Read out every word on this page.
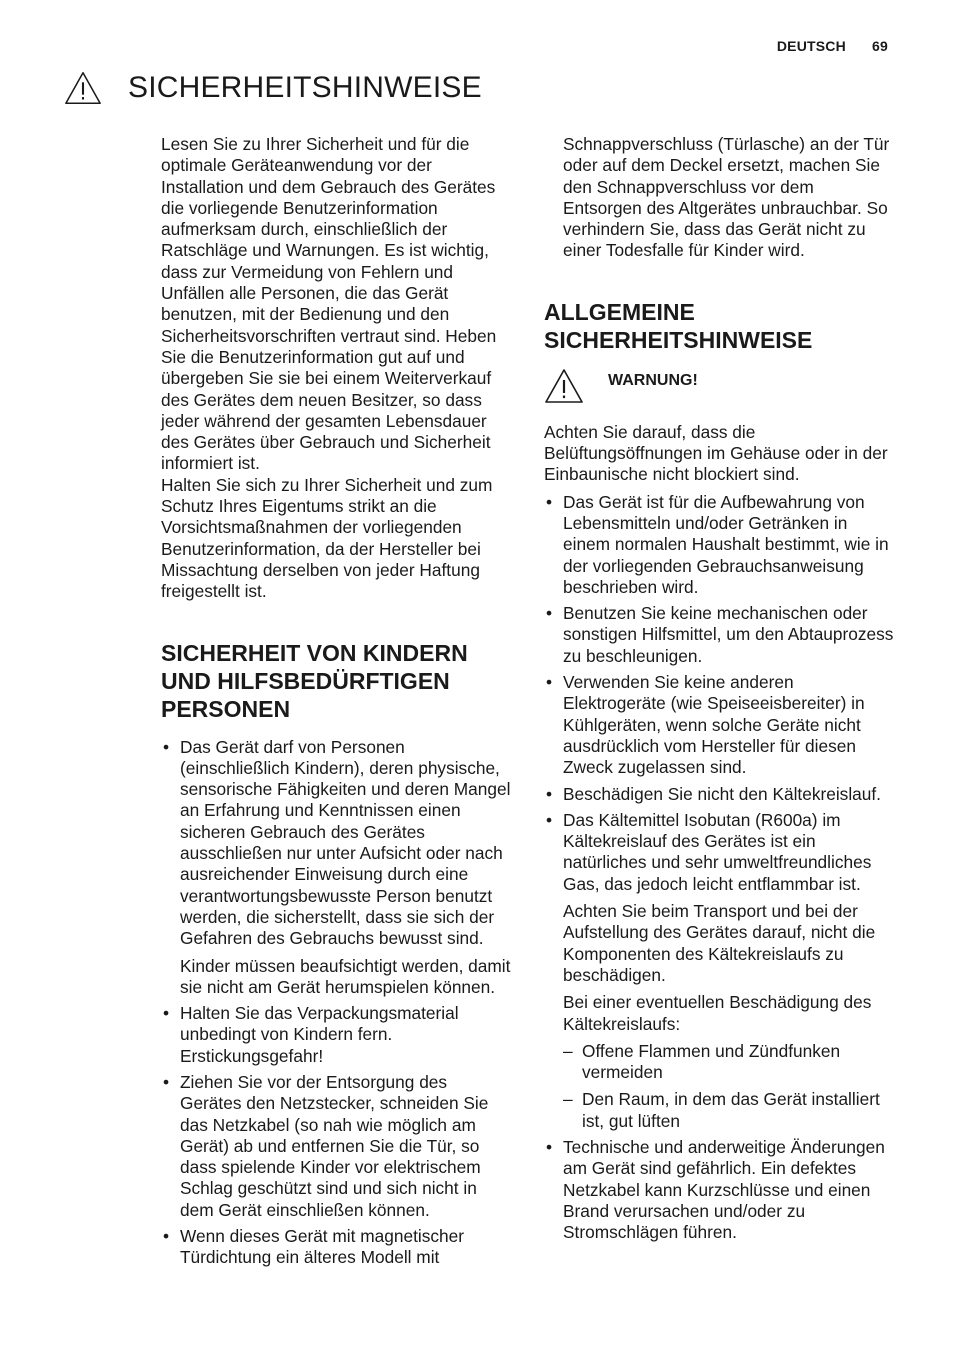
DEUTSCH 69
SICHERHEITSHINWEISE

Lesen Sie zu Ihrer Sicherheit und für die optimale Geräteanwendung vor der Installation und dem Gebrauch des Gerätes die vorliegende Benutzerinformation aufmerksam durch, einschließlich der Ratschläge und Warnungen. Es ist wichtig, dass zur Vermeidung von Fehlern und Unfällen alle Personen, die das Gerät benutzen, mit der Bedienung und den Sicherheitsvorschriften vertraut sind. Heben Sie die Benutzerinformation gut auf und übergeben Sie sie bei einem Weiterverkauf des Gerätes dem neuen Besitzer, so dass jeder während der gesamten Lebensdauer des Gerätes über Gebrauch und Sicherheit informiert ist.

Halten Sie sich zu Ihrer Sicherheit und zum Schutz Ihres Eigentums strikt an die Vorsichtsmaßnahmen der vorliegenden Benutzerinformation, da der Hersteller bei Missachtung derselben von jeder Haftung freigestellt ist.

SICHERHEIT VON KINDERN UND HILFSBEDÜRFTIGEN PERSONEN

• Das Gerät darf von Personen (einschließlich Kindern), deren physische, sensorische Fähigkeiten und deren Mangel an Erfahrung und Kenntnissen einen sicheren Gebrauch des Gerätes ausschließen nur unter Aufsicht oder nach ausreichender Einweisung durch eine verantwortungsbewusste Person benutzt werden, die sicherstellt, dass sie sich der Gefahren des Gebrauchs bewusst sind.

Kinder müssen beaufsichtigt werden, damit sie nicht am Gerät herumspielen können.

• Halten Sie das Verpackungsmaterial unbedingt von Kindern fern. Erstickungsgefahr!

• Ziehen Sie vor der Entsorgung des Gerätes den Netzstecker, schneiden Sie das Netzkabel (so nah wie möglich am Gerät) ab und entfernen Sie die Tür, so dass spielende Kinder vor elektrischem Schlag geschützt sind und sich nicht in dem Gerät einschließen können.

• Wenn dieses Gerät mit magnetischer Türdichtung ein älteres Modell mit

Schnappverschluss (Türlasche) an der Tür oder auf dem Deckel ersetzt, machen Sie den Schnappverschluss vor dem Entsorgen des Altgerätes unbrauchbar. So verhindern Sie, dass das Gerät nicht zu einer Todesfalle für Kinder wird.

ALLGEMEINE SICHERHEITSHINWEISE
WARNUNG!

Achten Sie darauf, dass die Belüftungsöffnungen im Gehäuse oder in der Einbaunische nicht blockiert sind.

• Das Gerät ist für die Aufbewahrung von Lebensmitteln und/oder Getränken in einem normalen Haushalt bestimmt, wie in der vorliegenden Gebrauchsanweisung beschrieben wird.

• Benutzen Sie keine mechanischen oder sonstigen Hilfsmittel, um den Abtauprozess zu beschleunigen.

• Verwenden Sie keine anderen Elektrogeräte (wie Speiseeisbereiter) in Kühlgeräten, wenn solche Geräte nicht ausdrücklich vom Hersteller für diesen Zweck zugelassen sind.

• Beschädigen Sie nicht den Kältekreislauf.

• Das Kältemittel Isobutan (R600a) im Kältekreislauf des Gerätes ist ein natürliches und sehr umweltfreundliches Gas, das jedoch leicht entflammbar ist.

Achten Sie beim Transport und bei der Aufstellung des Gerätes darauf, nicht die Komponenten des Kältekreislaufs zu beschädigen.

Bei einer eventuellen Beschädigung des Kältekreislaufs:

– Offene Flammen und Zündfunken vermeiden
– Den Raum, in dem das Gerät installiert ist, gut lüften

• Technische und anderweitige Änderungen am Gerät sind gefährlich. Ein defektes Netzkabel kann Kurzschlüsse und einen Brand verursachen und/oder zu Stromschlägen führen.
